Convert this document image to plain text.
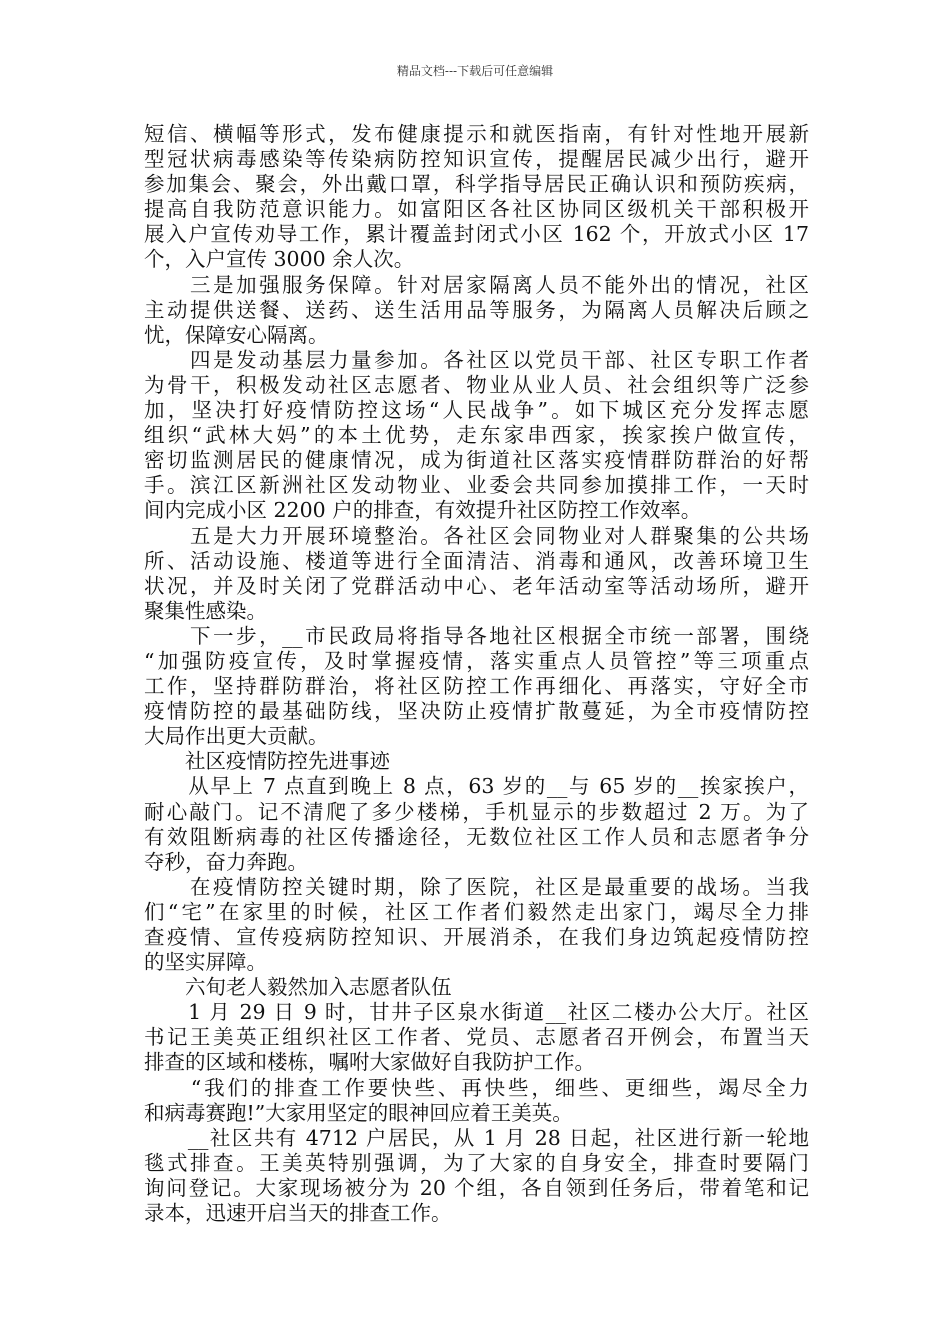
精品文档---下载后可任意编辑
短信、横幅等形式，发布健康提示和就医指南，有针对性地开展新
型冠状病毒感染等传染病防控知识宣传，提醒居民减少出行，避开
参加集会、聚会，外出戴口罩，科学指导居民正确认识和预防疾病，
提高自我防范意识能力。如富阳区各社区协同区级机关干部积极开
展入户宣传劝导工作，累计覆盖封闭式小区 162 个，开放式小区 17
个，入户宣传 3000 余人次。
　　三是加强服务保障。针对居家隔离人员不能外出的情况，社区
主动提供送餐、送药、送生活用品等服务，为隔离人员解决后顾之
忧，保障安心隔离。
　　四是发动基层力量参加。各社区以党员干部、社区专职工作者
为骨干，积极发动社区志愿者、物业从业人员、社会组织等广泛参
加，坚决打好疫情防控这场“人民战争”。如下城区充分发挥志愿
组织“武林大妈”的本土优势，走东家串西家，挨家挨户做宣传，
密切监测居民的健康情况，成为街道社区落实疫情群防群治的好帮
手。滨江区新洲社区发动物业、业委会共同参加摸排工作，一天时
间内完成小区 2200 户的排查，有效提升社区防控工作效率。
　　五是大力开展环境整治。各社区会同物业对人群聚集的公共场
所、活动设施、楼道等进行全面清洁、消毒和通风，改善环境卫生
状况，并及时关闭了党群活动中心、老年活动室等活动场所，避开
聚集性感染。
　　下一步，__市民政局将指导各地社区根据全市统一部署，围绕
“加强防疫宣传，及时掌握疫情，落实重点人员管控”等三项重点
工作，坚持群防群治，将社区防控工作再细化、再落实，守好全市
疫情防控的最基础防线，坚决防止疫情扩散蔓延，为全市疫情防控
大局作出更大贡献。
　　社区疫情防控先进事迹
　　从早上 7 点直到晚上 8 点，63 岁的__与 65 岁的__挨家挨户，
耐心敲门。记不清爬了多少楼梯，手机显示的步数超过 2 万。为了
有效阻断病毒的社区传播途径，无数位社区工作人员和志愿者争分
夺秒，奋力奔跑。
　　在疫情防控关键时期，除了医院，社区是最重要的战场。当我
们“宅”在家里的时候，社区工作者们毅然走出家门，竭尽全力排
查疫情、宣传疫病防控知识、开展消杀，在我们身边筑起疫情防控
的坚实屏障。
　　六旬老人毅然加入志愿者队伍
　　1 月 29 日 9 时，甘井子区泉水街道__社区二楼办公大厅。社区
书记王美英正组织社区工作者、党员、志愿者召开例会，布置当天
排查的区域和楼栋，嘱咐大家做好自我防护工作。
　　“我们的排查工作要快些、再快些，细些、更细些，竭尽全力
和病毒赛跑!”大家用坚定的眼神回应着王美英。
　　__社区共有 4712 户居民，从 1 月 28 日起，社区进行新一轮地
毯式排查。王美英特别强调，为了大家的自身安全，排查时要隔门
询问登记。大家现场被分为 20 个组，各自领到任务后，带着笔和记
录本，迅速开启当天的排查工作。
